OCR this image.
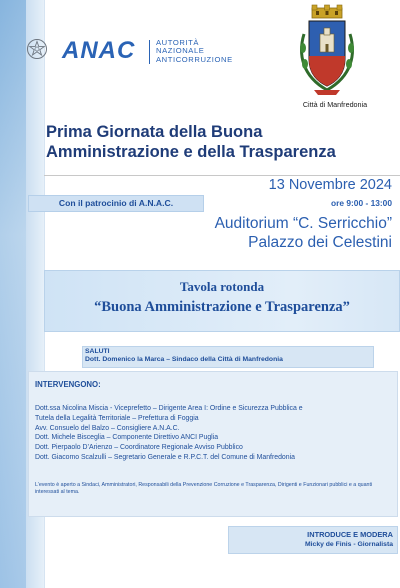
ANAC	AUTORITÀ
NAZIONALE
ANTICORRUZIONE
Città di Manfredonia
Prima Giornata della Buona
Amministrazione e della Trasparenza
13 Novembre 2024
ore 9:00 - 13:00
Con il patrocinio di A.N.A.C.
Auditorium “C. Serricchio”
Palazzo dei Celestini
Tavola rotonda
“Buona Amministrazione e Trasparenza”
SALUTI
Dott. Domenico la Marca – Sindaco della Città di Manfredonia
INTERVENGONO:
Dott.ssa Nicolina Miscia - Viceprefetto – Dirigente Area I: Ordine e Sicurezza Pubblica e
Tutela della Legalità Territoriale – Prefettura di Foggia
Avv. Consuelo del Balzo – Consigliere A.N.A.C.
Dott. Michele Bisceglia – Componente Direttivo ANCI Puglia
Dott. Pierpaolo D’Arienzo – Coordinatore Regionale Avviso Pubblico
Dott. Giacomo Scalzulli – Segretario Generale e R.P.C.T. del Comune di Manfredonia
L’evento è aperto a Sindaci, Amministratori, Responsabili della Prevenzione Corruzione e Trasparenza, Dirigenti e Funzionari pubblici e a quanti interessati al tema.
INTRODUCE E MODERA
Micky de Finis - Giornalista
